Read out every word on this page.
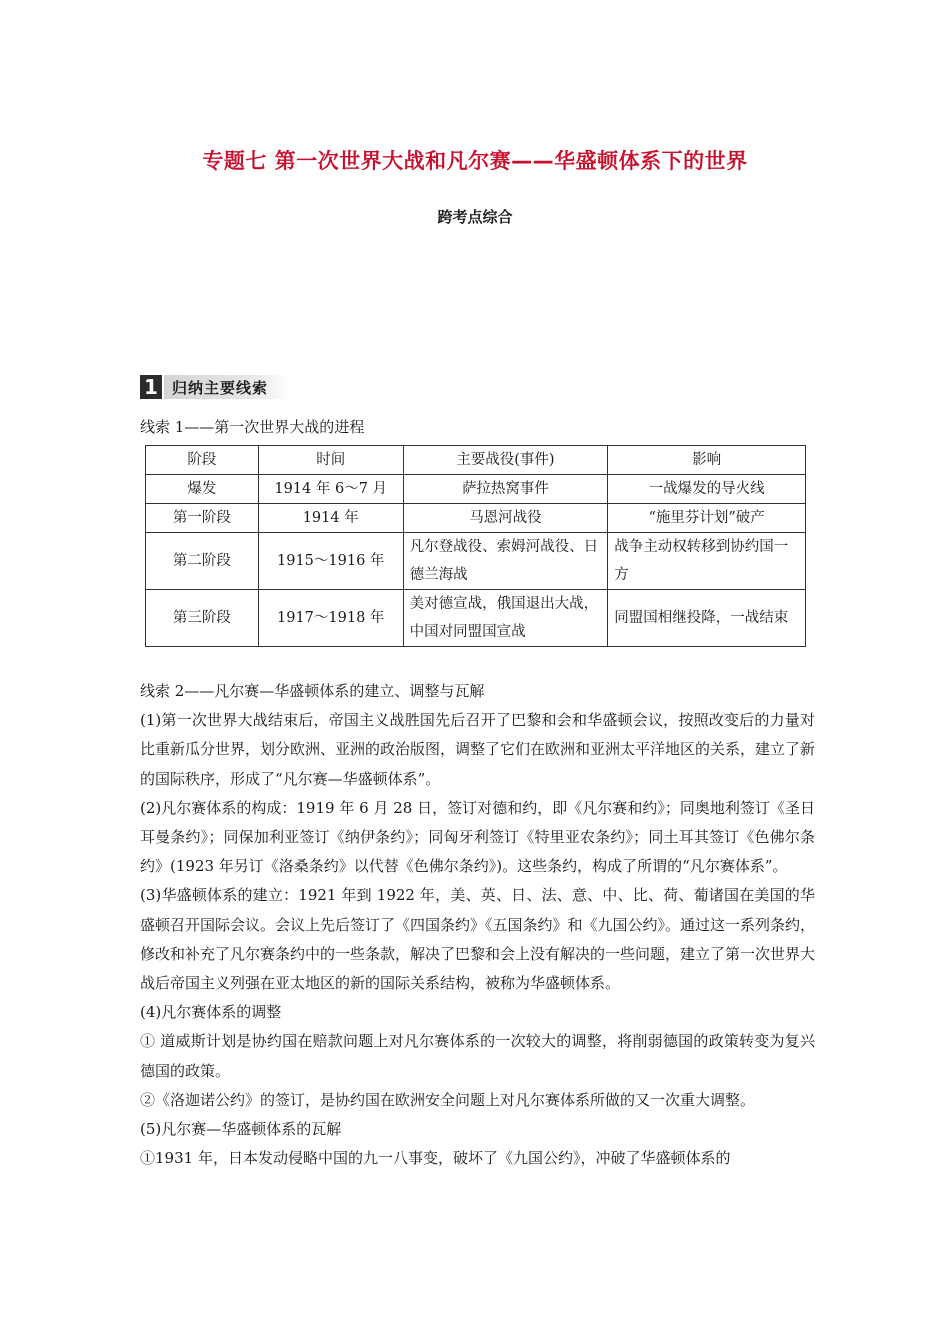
专题七 第一次世界大战和凡尔赛——华盛顿体系下的世界
跨考点综合
1 归纳主要线索
线索 1——第一次世界大战的进程
阶段	时间	主要战役(事件)	影响
爆发	1914 年 6～7 月	萨拉热窝事件	一战爆发的导火线
第一阶段	1914 年	马恩河战役	“施里芬计划”破产
第二阶段	1915～1916 年	凡尔登战役、索姆河战役、日德兰海战	战争主动权转移到协约国一方
第三阶段	1917～1918 年	美对德宣战，俄国退出大战，中国对同盟国宣战	同盟国相继投降，一战结束

线索 2——凡尔赛—华盛顿体系的建立、调整与瓦解

(1)第一次世界大战结束后，帝国主义战胜国先后召开了巴黎和会和华盛顿会议，按照改变后的力量对比重新瓜分世界，划分欧洲、亚洲的政治版图，调整了它们在欧洲和亚洲太平洋地区的关系，建立了新的国际秩序，形成了“凡尔赛—华盛顿体系”。

(2)凡尔赛体系的构成：1919 年 6 月 28 日，签订对德和约，即《凡尔赛和约》；同奥地利签订《圣日耳曼条约》；同保加利亚签订《纳伊条约》；同匈牙利签订《特里亚农条约》；同土耳其签订《色佛尔条约》(1923 年另订《洛桑条约》以代替《色佛尔条约》)。这些条约，构成了所谓的“凡尔赛体系”。

(3)华盛顿体系的建立：1921 年到 1922 年，美、英、日、法、意、中、比、荷、葡诸国在美国的华盛顿召开国际会议。会议上先后签订了《四国条约》《五国条约》和《九国公约》。通过这一系列条约，修改和补充了凡尔赛条约中的一些条款，解决了巴黎和会上没有解决的一些问题，建立了第一次世界大战后帝国主义列强在亚太地区的新的国际关系结构，被称为华盛顿体系。

(4)凡尔赛体系的调整

① 道威斯计划是协约国在赔款问题上对凡尔赛体系的一次较大的调整，将削弱德国的政策转变为复兴德国的政策。

②《洛迦诺公约》的签订，是协约国在欧洲安全问题上对凡尔赛体系所做的又一次重大调整。

(5)凡尔赛—华盛顿体系的瓦解

①1931 年，日本发动侵略中国的九一八事变，破坏了《九国公约》，冲破了华盛顿体系的
